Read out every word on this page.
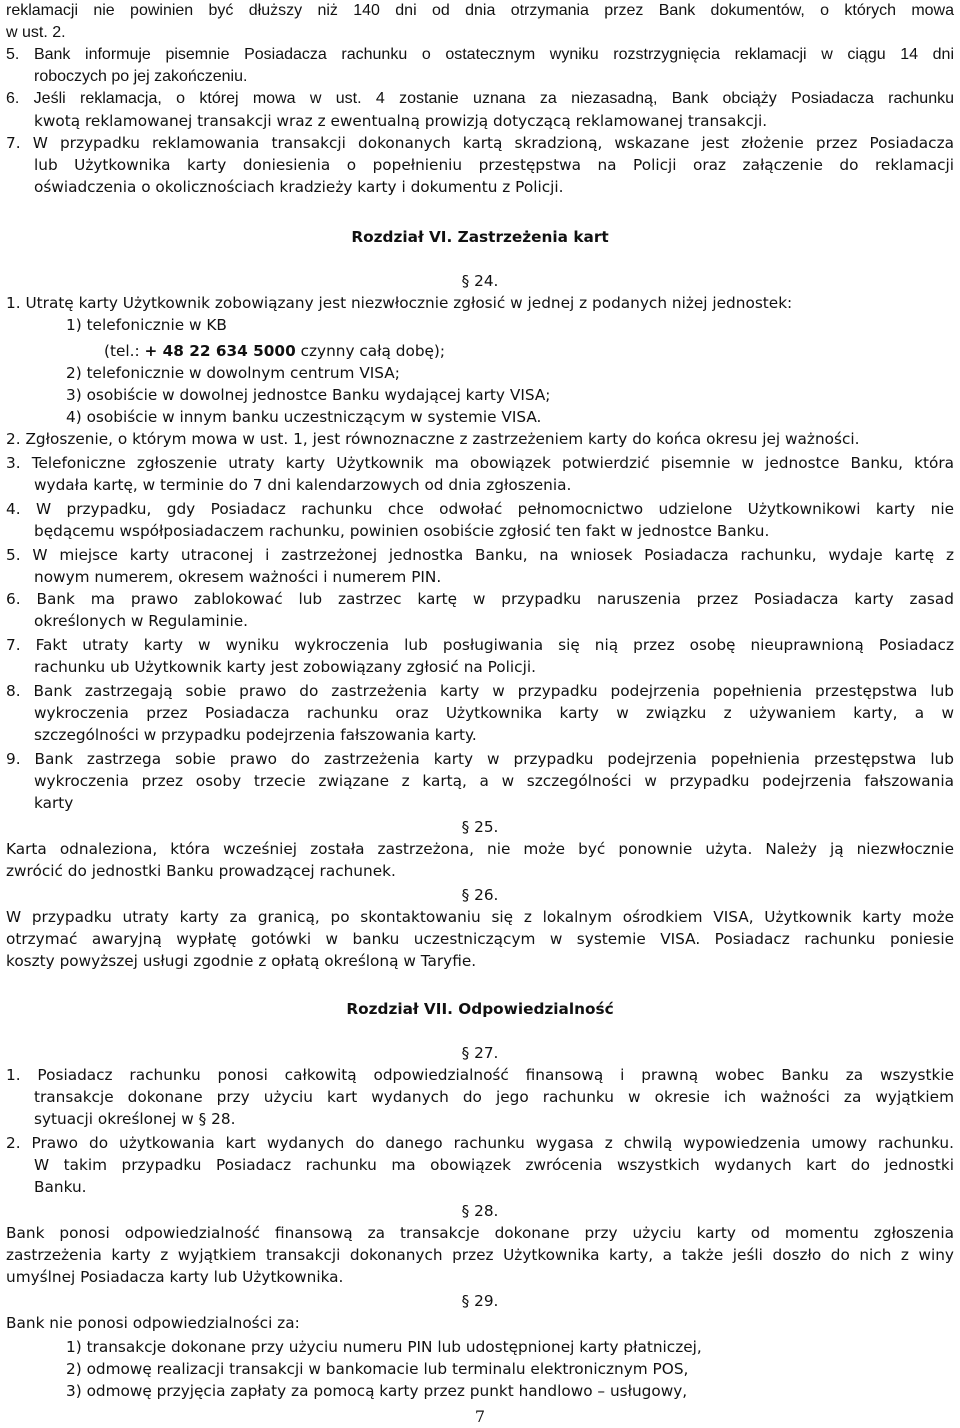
reklamacji nie powinien być dłuższy niż 140 dni od dnia otrzymania przez Bank dokumentów, o których mowa
w ust. 2.
5. Bank informuje pisemnie Posiadacza rachunku o ostatecznym wyniku rozstrzygnięcia reklamacji w ciągu 14 dni
roboczych po jej zakończeniu.
6. Jeśli reklamacja, o której mowa w ust. 4 zostanie uznana za niezasadną, Bank obciąży Posiadacza rachunku
kwotą reklamowanej transakcji wraz z ewentualną prowizją dotyczącą reklamowanej transakcji.
7. W przypadku reklamowania transakcji dokonanych kartą skradzioną, wskazane jest złożenie przez Posiadacza
lub Użytkownika karty doniesienia o popełnieniu przestępstwa na Policji oraz załączenie do reklamacji
oświadczenia o okolicznościach kradzieży karty i dokumentu z Policji.
Rozdział VI. Zastrzeżenia kart
§ 24.
1. Utratę karty Użytkownik zobowiązany jest niezwłocznie zgłosić w jednej z podanych niżej jednostek:
1) telefonicznie w KB
(tel.: + 48 22 634 5000 czynny całą dobę);
2) telefonicznie w dowolnym centrum VISA;
3) osobiście w dowolnej jednostce Banku wydającej karty VISA;
4) osobiście w innym banku uczestniczącym w systemie VISA.
2. Zgłoszenie, o którym mowa w ust. 1, jest równoznaczne z zastrzeżeniem karty do końca okresu jej ważności.
3. Telefoniczne zgłoszenie utraty karty Użytkownik ma obowiązek potwierdzić pisemnie w jednostce Banku, która
wydała kartę, w terminie do 7 dni kalendarzowych od dnia zgłoszenia.
4. W przypadku, gdy Posiadacz rachunku chce odwołać pełnomocnictwo udzielone Użytkownikowi karty nie
będącemu współposiadaczem rachunku, powinien osobiście zgłosić ten fakt w jednostce Banku.
5. W miejsce karty utraconej i zastrzeżonej jednostka Banku, na wniosek Posiadacza rachunku, wydaje kartę z
nowym numerem, okresem ważności i numerem PIN.
6. Bank ma prawo zablokować lub zastrzec kartę w przypadku naruszenia przez Posiadacza karty zasad
określonych w Regulaminie.
7. Fakt utraty karty w wyniku wykroczenia lub posługiwania się nią przez osobę nieuprawnioną Posiadacz
rachunku ub Użytkownik karty jest zobowiązany zgłosić na Policji.
8. Bank zastrzegają sobie prawo do zastrzeżenia karty w przypadku podejrzenia popełnienia przestępstwa lub
wykroczenia przez Posiadacza rachunku oraz Użytkownika karty w związku z używaniem karty, a w
szczególności w przypadku podejrzenia fałszowania karty.
9. Bank zastrzega sobie prawo do zastrzeżenia karty w przypadku podejrzenia popełnienia przestępstwa lub
wykroczenia przez osoby trzecie związane z kartą, a w szczególności w przypadku podejrzenia fałszowania
karty
§ 25.
Karta odnaleziona, która wcześniej została zastrzeżona, nie może być ponownie użyta. Należy ją niezwłocznie
zwrócić do jednostki Banku prowadzącej rachunek.
§ 26.
W przypadku utraty karty za granicą, po skontaktowaniu się z lokalnym ośrodkiem VISA, Użytkownik karty może
otrzymać awaryjną wypłatę gotówki w banku uczestniczącym w systemie VISA. Posiadacz rachunku poniesie
koszty powyższej usługi zgodnie z opłatą określoną w Taryfie.
Rozdział VII. Odpowiedzialność
§ 27.
1. Posiadacz rachunku ponosi całkowitą odpowiedzialność finansową i prawną wobec Banku za wszystkie
transakcje dokonane przy użyciu kart wydanych do jego rachunku w okresie ich ważności za wyjątkiem
sytuacji określonej w § 28.
2. Prawo do użytkowania kart wydanych do danego rachunku wygasa z chwilą wypowiedzenia umowy rachunku.
W takim przypadku Posiadacz rachunku ma obowiązek zwrócenia wszystkich wydanych kart do jednostki
Banku.
§ 28.
Bank ponosi odpowiedzialność finansową za transakcje dokonane przy użyciu karty od momentu zgłoszenia
zastrzeżenia karty z wyjątkiem transakcji dokonanych przez Użytkownika karty, a także jeśli doszło do nich z winy
umyślnej Posiadacza karty lub Użytkownika.
§ 29.
Bank nie ponosi odpowiedzialności za:
1) transakcje dokonane przy użyciu numeru PIN lub udostępnionej karty płatniczej,
2) odmowę realizacji transakcji w bankomacie lub terminalu elektronicznym POS,
3) odmowę przyjęcia zapłaty za pomocą karty przez punkt handlowo – usługowy,
7
